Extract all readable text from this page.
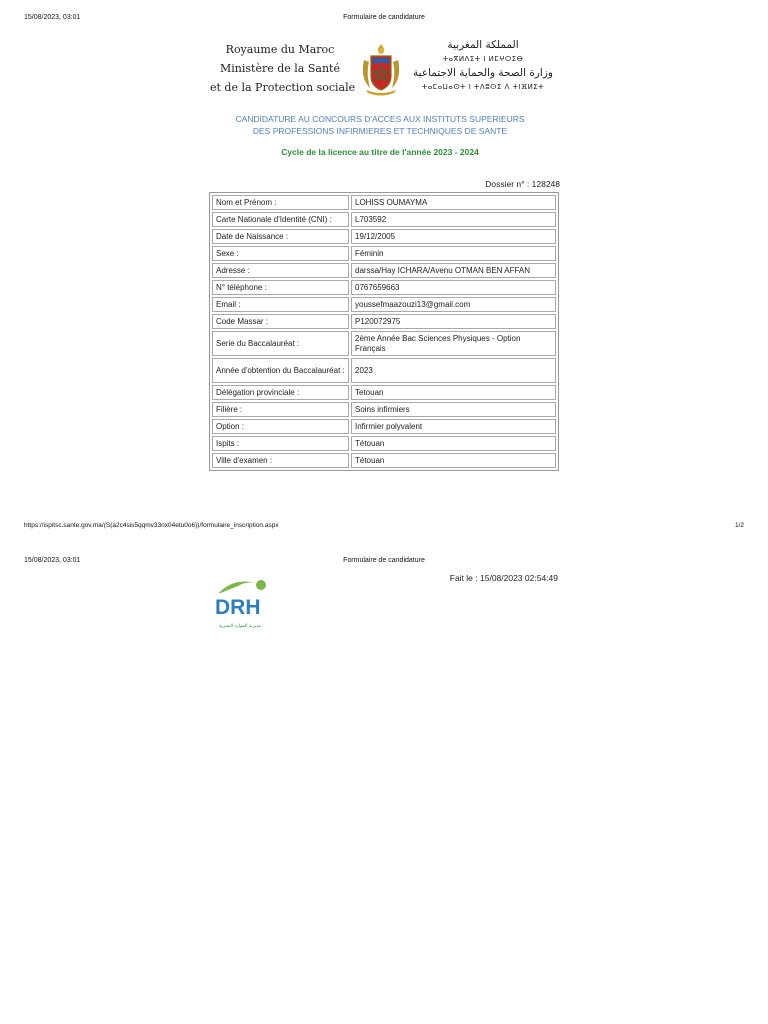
15/08/2023, 03:01	Formulaire de candidature
Royaume du Maroc
Ministère de la Santé
et de la Protection sociale
المملكة المغربية
ⵜⴰⴳⵍⴷⵉⵜ ⵏ ⵍⵎⵖⵔⵉⴱ
وزارة الصحة والحماية الاجتماعية
ⵜⴰⵎⴰⵡⴰⵙⵜ ⵏ ⵜⴷⵓⵙⵉ ⴷ ⵜⵏⴼⵍⵉⵜ
CANDIDATURE AU CONCOURS D'ACCES AUX INSTITUTS SUPERIEURS
DES PROFESSIONS INFIRMIERES ET TECHNIQUES DE SANTE
Cycle de la licence au titre de l'année 2023 - 2024
Dossier n° : 128248
Nom et Prénom :	LOHISS OUMAYMA
Carte Nationale d'Identité (CNI) :	L703592
Date de Naissance :	19/12/2005
Sexe :	Féminin
Adresse :	darssa/Hay ICHARA/Avenu OTMAN BEN AFFAN
N° téléphone :	0767659663
Email :	youssefmaazouzi13@gmail.com
Code Massar :	P120072975
Serie du Baccalauréat :	2ème Année Bac Sciences Physiques - Option Français
Année d'obtention du Baccalauréat :	2023
Délégation provinciale :	Tetouan
Filière :	Soins infirmiers
Option :	Infirmier polyvalent
Ispits :	Tétouan
Ville d'examen :	Tétouan
https://ispitsc.sante.gov.ma/(S(a2c4sis5qqmv33nx04etu0o6))/formulaire_inscription.aspx	1/2
15/08/2023, 03:01	Formulaire de candidature
Fait le : 15/08/2023 02:54:49
DRH
مديرية الموارد البشرية
